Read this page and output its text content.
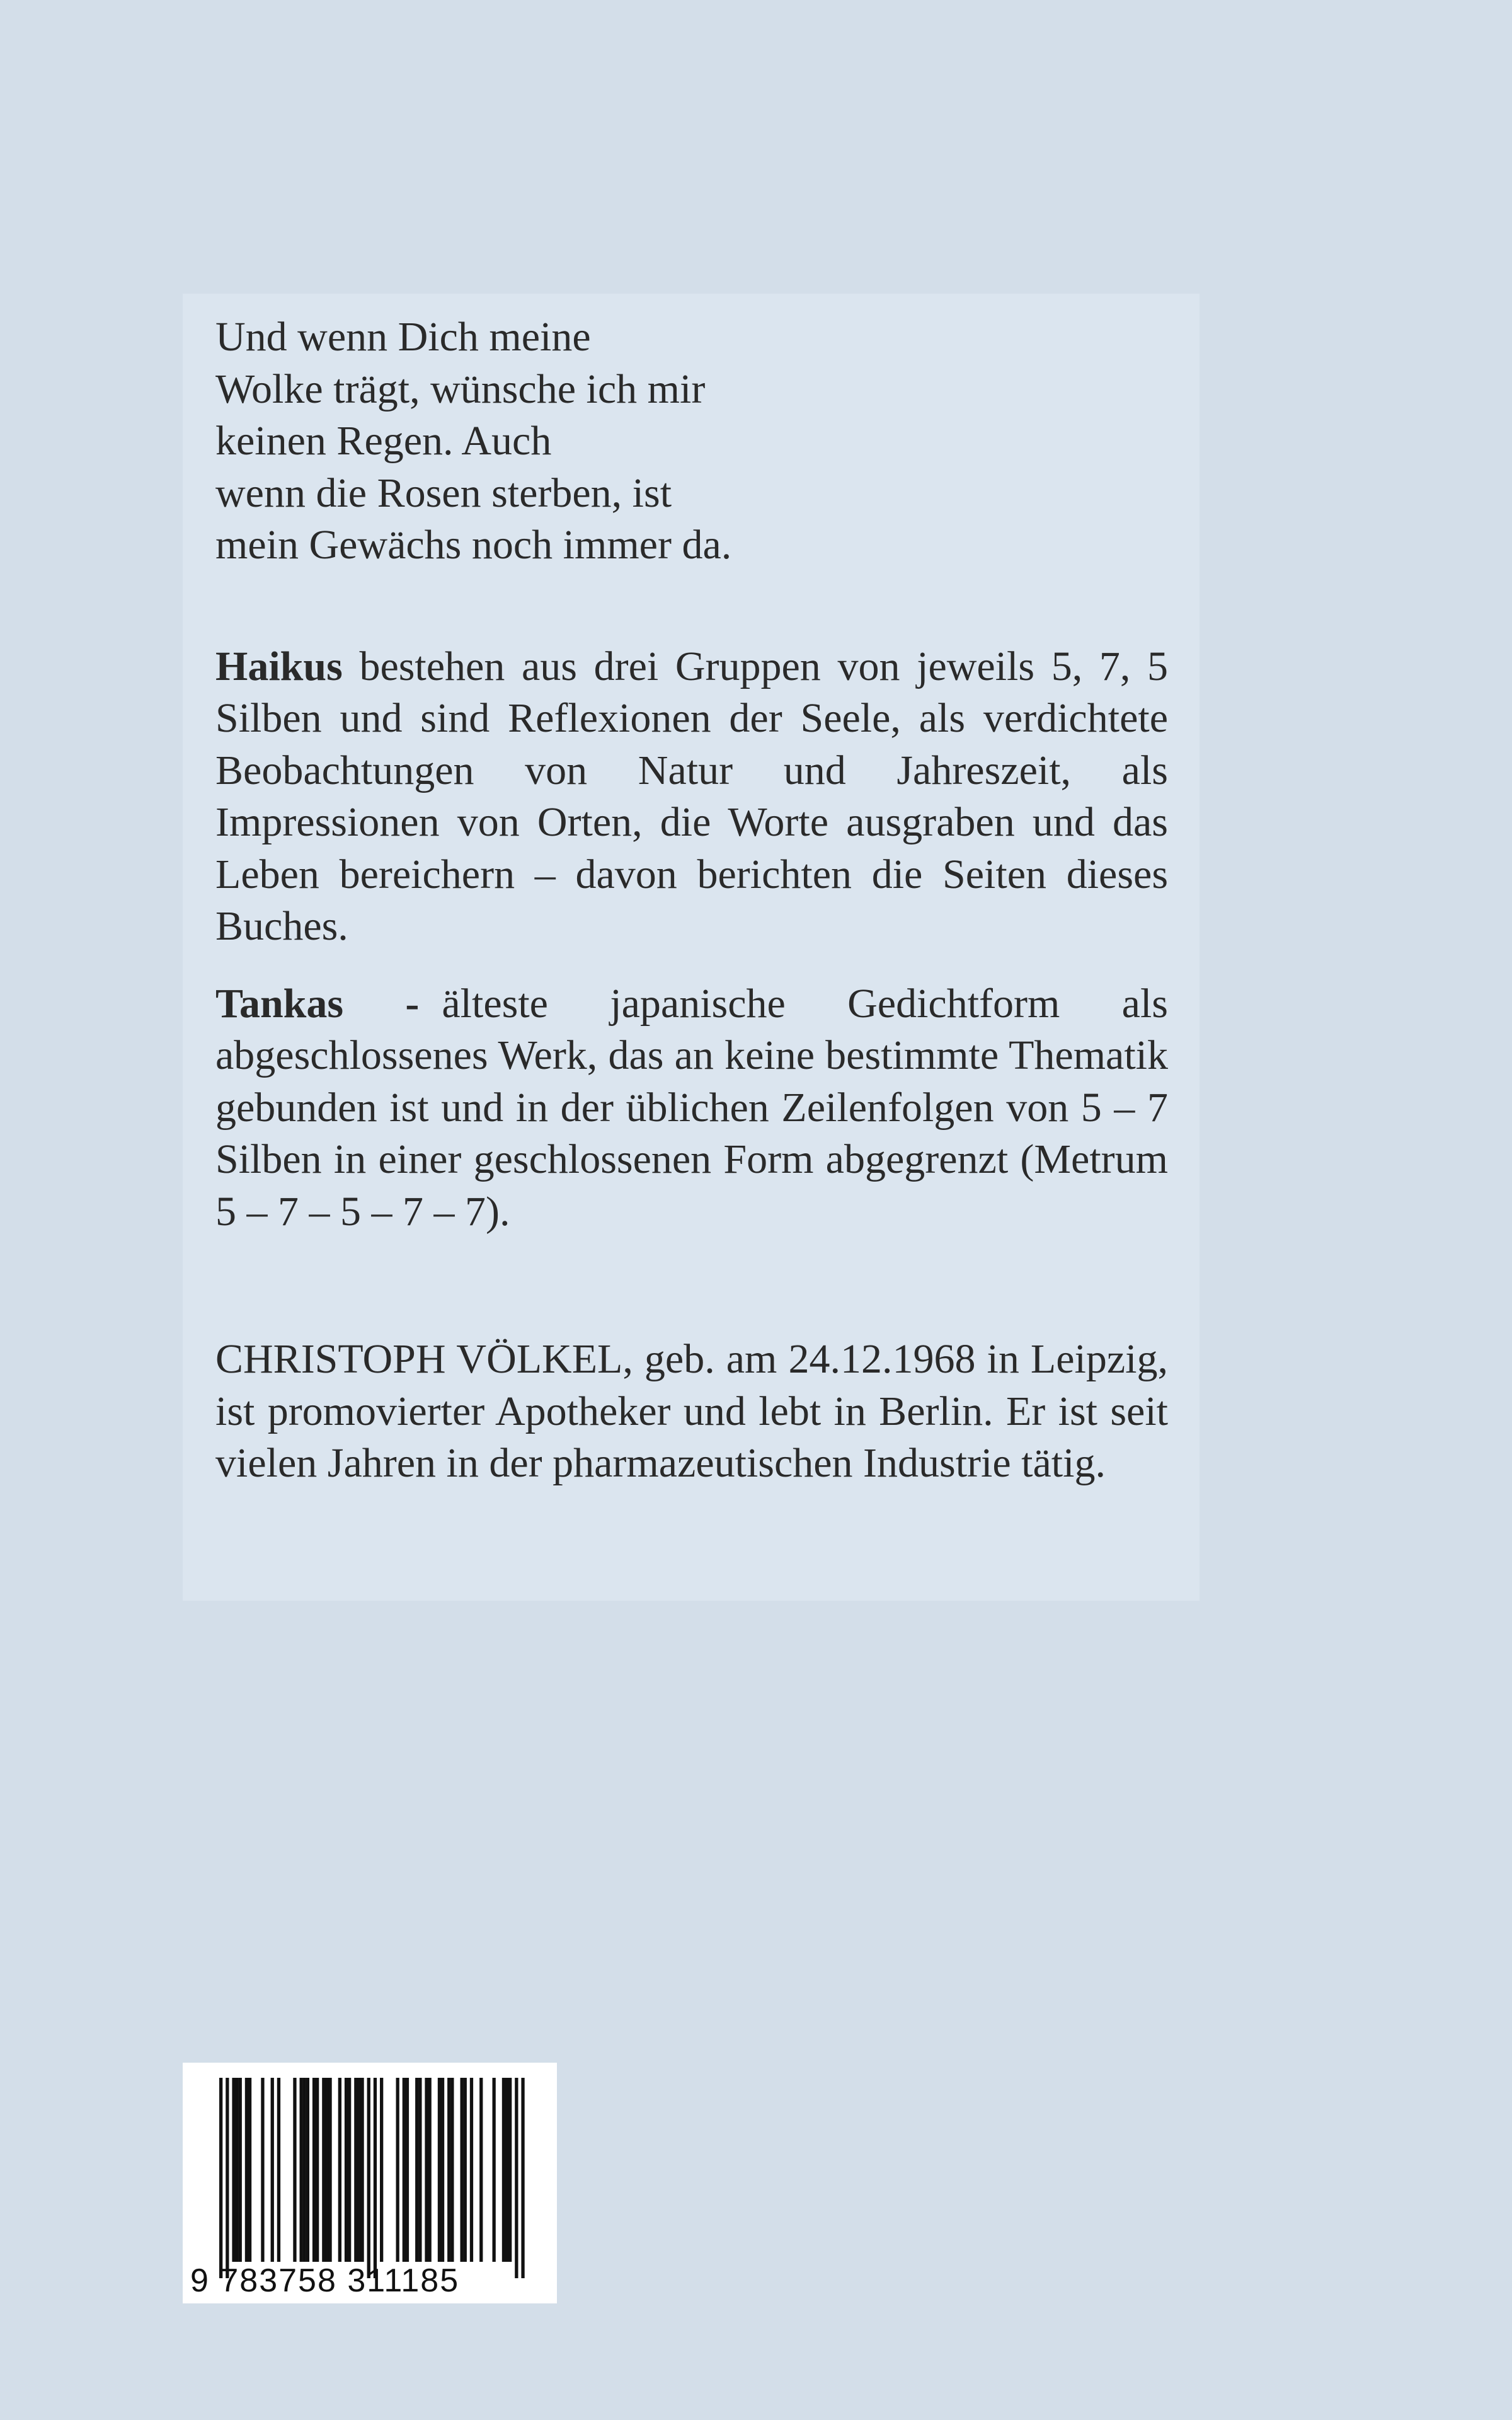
Und wenn Dich meine
Wolke trägt, wünsche ich mir
keinen Regen. Auch
wenn die Rosen sterben, ist
mein Gewächs noch immer da.

Haikus bestehen aus drei Gruppen von jeweils 5, 7, 5 Silben und sind Reflexionen der Seele, als verdichtete Beobachtungen von Natur und Jahreszeit, als Impressionen von Orten, die Worte ausgraben und das Leben bereichern – davon berichten die Seiten dieses Buches.

Tankas - älteste japanische Gedichtform als abgeschlossenes Werk, das an keine bestimmte Thematik gebunden ist und in der üblichen Zeilenfolgen von 5 – 7 Silben in einer geschlossenen Form abgegrenzt (Metrum 5 – 7 – 5 – 7 – 7).

CHRISTOPH VÖLKEL, geb. am 24.12.1968 in Leipzig, ist promovierter Apotheker und lebt in Berlin. Er ist seit vielen Jahren in der pharmazeutischen Industrie tätig.

9 783758 311185
